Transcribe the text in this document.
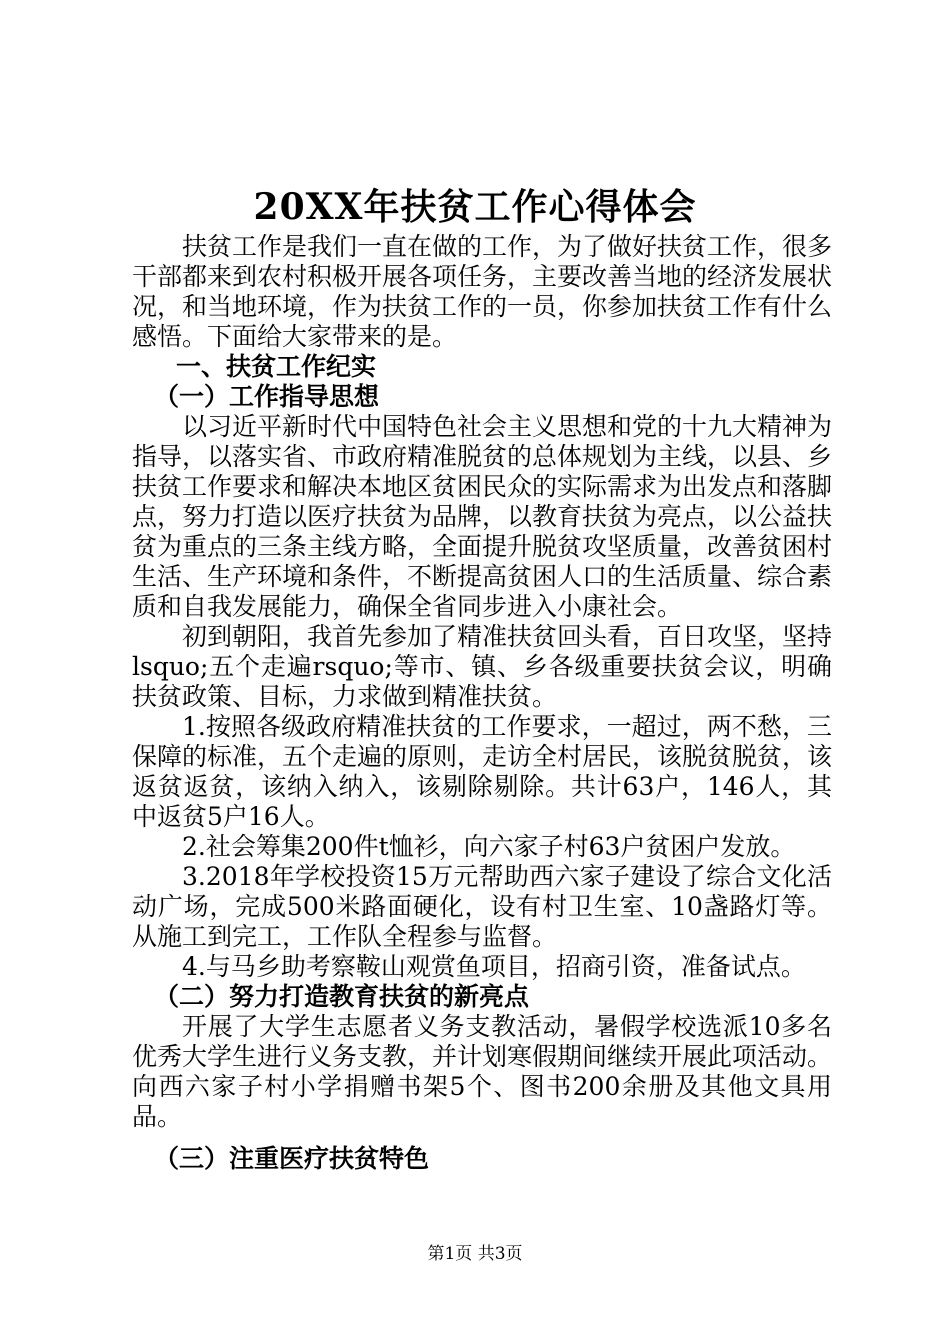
20XX年扶贫工作心得体会

扶贫工作是我们一直在做的工作，为了做好扶贫工作，很多干部都来到农村积极开展各项任务，主要改善当地的经济发展状况，和当地环境，作为扶贫工作的一员，你参加扶贫工作有什么感悟。下面给大家带来的是。

一、扶贫工作纪实

（一）工作指导思想

以习近平新时代中国特色社会主义思想和党的十九大精神为指导，以落实省、市政府精准脱贫的总体规划为主线，以县、乡扶贫工作要求和解决本地区贫困民众的实际需求为出发点和落脚点，努力打造以医疗扶贫为品牌，以教育扶贫为亮点，以公益扶贫为重点的三条主线方略，全面提升脱贫攻坚质量，改善贫困村生活、生产环境和条件，不断提高贫困人口的生活质量、综合素质和自我发展能力，确保全省同步进入小康社会。

初到朝阳，我首先参加了精准扶贫回头看，百日攻坚，坚持lsquo;五个走遍rsquo;等市、镇、乡各级重要扶贫会议，明确扶贫政策、目标，力求做到精准扶贫。

1.按照各级政府精准扶贫的工作要求，一超过，两不愁，三保障的标准，五个走遍的原则，走访全村居民，该脱贫脱贫，该返贫返贫，该纳入纳入，该剔除剔除。共计63户，146人，其中返贫5户16人。

2.社会筹集200件t恤衫，向六家子村63户贫困户发放。

3.2018年学校投资15万元帮助西六家子建设了综合文化活动广场，完成500米路面硬化，设有村卫生室、10盏路灯等。从施工到完工，工作队全程参与监督。

4.与马乡助考察鞍山观赏鱼项目，招商引资，准备试点。

（二）努力打造教育扶贫的新亮点

开展了大学生志愿者义务支教活动，暑假学校选派10多名优秀大学生进行义务支教，并计划寒假期间继续开展此项活动。向西六家子村小学捐赠书架5个、图书200余册及其他文具用品。

（三）注重医疗扶贫特色

第1页 共3页
